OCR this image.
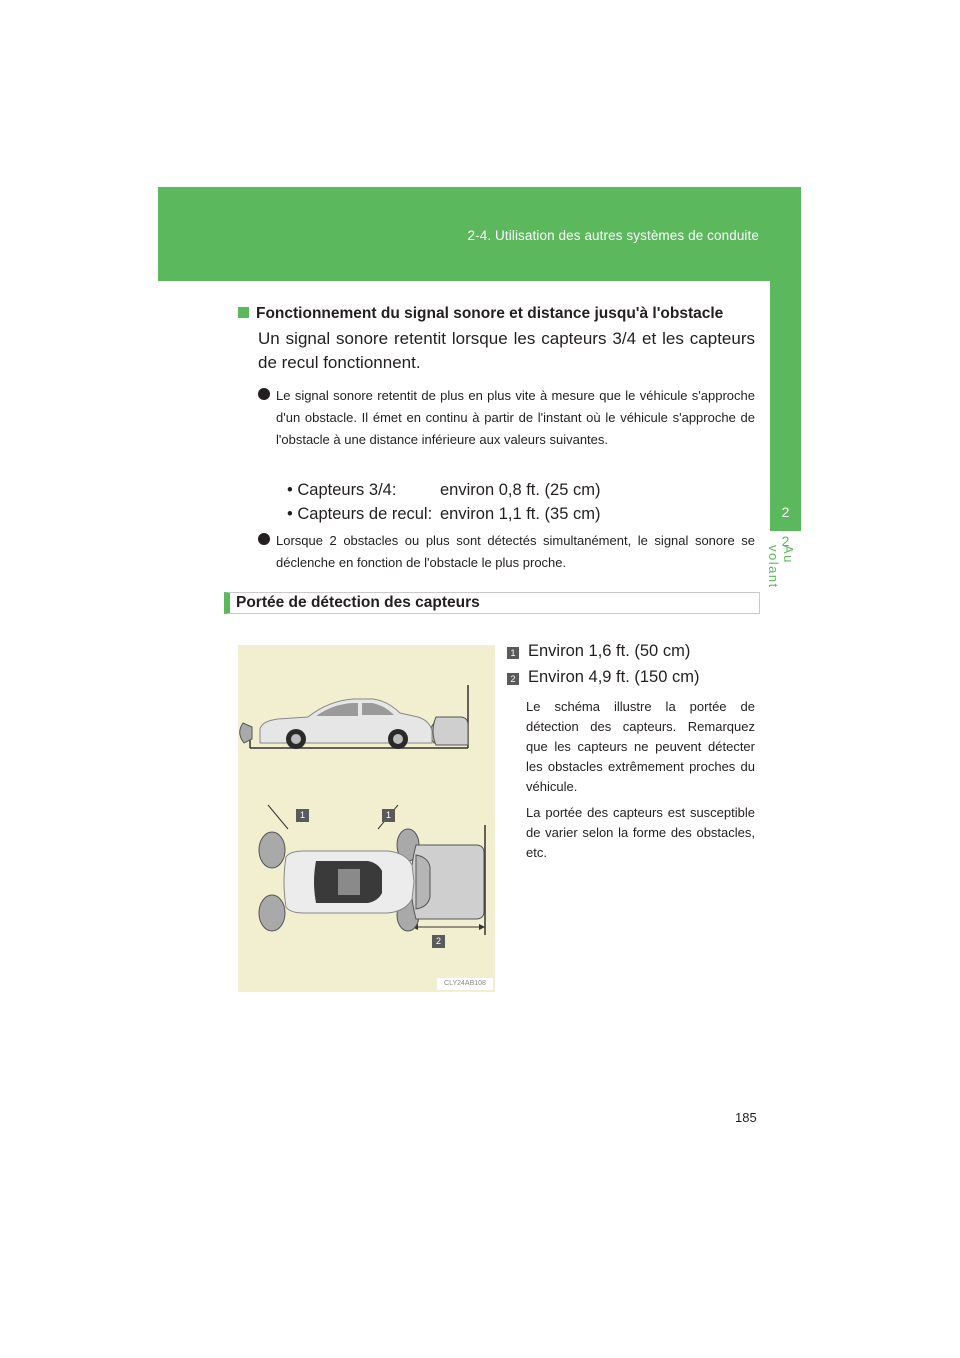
2-4. Utilisation des autres systèmes de conduite
2
2
Au volant
Fonctionnement du signal sonore et distance jusqu'à l'obstacle
Un signal sonore retentit lorsque les capteurs 3/4 et les capteurs de recul fonctionnent.
Le signal sonore retentit de plus en plus vite à mesure que le véhicule s'approche d'un obstacle. Il émet en continu à partir de l'instant où le véhicule s'approche de l'obstacle à une distance inférieure aux valeurs suivantes.
• Capteurs 3/4:	environ 0,8 ft. (25 cm)
• Capteurs de recul: environ 1,1 ft. (35 cm)
Lorsque 2 obstacles ou plus sont détectés simultanément, le signal sonore se déclenche en fonction de l'obstacle le plus proche.
Portée de détection des capteurs
CLY24AB108
1	1
2
1 Environ 1,6 ft. (50 cm)
2 Environ 4,9 ft. (150 cm)
Le schéma illustre la portée de détection des capteurs. Remarquez que les capteurs ne peuvent détecter les obstacles extrêmement proches du véhicule.
La portée des capteurs est susceptible de varier selon la forme des obstacles, etc.
185
